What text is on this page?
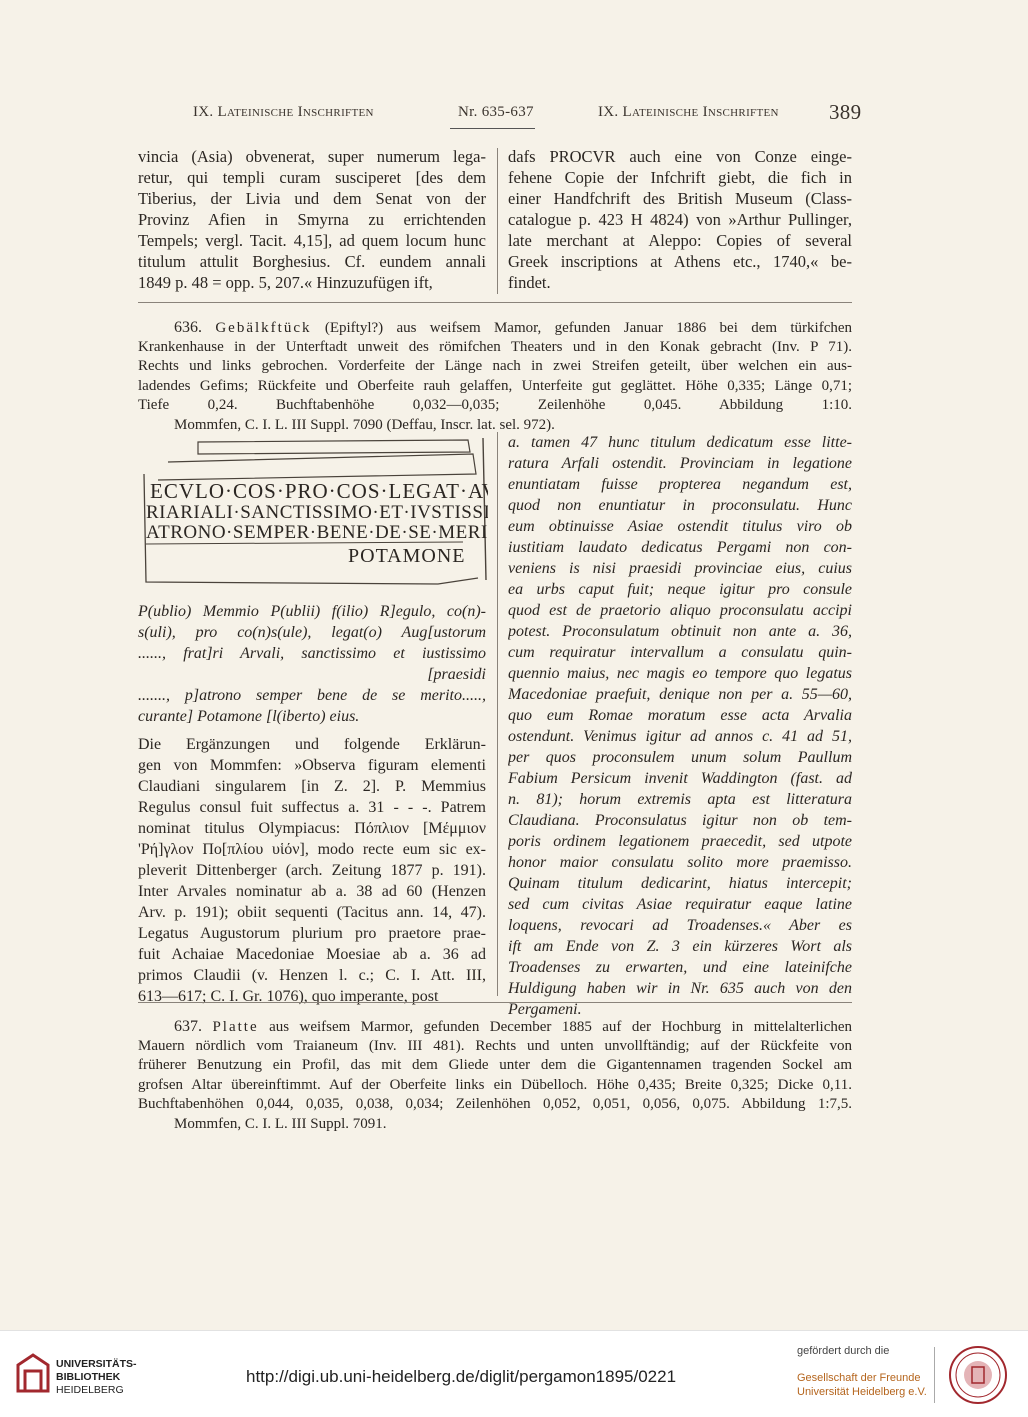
IX. Lateinische Inschriften	Nr. 635-637	IX. Lateinische Inschriften 389
vincia (Asia) obvenerat, super numerum lega-
retur, qui templi curam susciperet [des dem
Tiberius, der Livia und dem Senat von der
Provinz Afien in Smyrna zu errichtenden
Tempels; vergl. Tacit. 4,15], ad quem locum hunc
titulum attulit Borghesius. Cf. eundem annali
1849 p. 48 = opp. 5, 207.« Hinzuzufügen ift,
dafs PROCVR auch eine von Conze einge-
fehene Copie der Infchrift giebt, die fich in
einer Handfchrift des British Museum (Class-
catalogue p. 423 H 4824) von »Arthur Pullinger,
late merchant at Aleppo: Copies of several
Greek inscriptions at Athens etc., 1740,« be-
findet.
636. Gebälkftück (Epiftyl?) aus weifsem Mamor, gefunden Januar 1886 bei dem türkifchen
Krankenhause in der Unterftadt unweit des römifchen Theaters und in den Konak gebracht (Inv. P 71).
Rechts und links gebrochen. Vorderfeite der Länge nach in zwei Streifen geteilt, über welchen ein aus-
ladendes Gefims; Rückfeite und Oberfeite rauh gelaffen, Unterfeite gut geglättet. Höhe 0,335; Länge 0,71;
Tiefe 0,24. Buchftabenhöhe 0,032—0,035; Zeilenhöhe 0,045. Abbildung 1:10.
Mommfen, C. I. L. III Suppl. 7090 (Deffau, Inscr. lat. sel. 972).
ECVLO·COS·PRO·COS·LEGAT·AVG
RIARIALI·SANCTISSIMO·ET·IVSTISSIMO
ATRONO·SEMPER·BENE·DE·SE·MERITO
POTAMONE
P(ublio) Memmio P(ublii) f(ilio) R]egulo, co(n)-
s(uli), pro co(n)s(ule), legat(o) Aug[ustorum
......, frat]ri Arvali, sanctissimo et iustissimo
[praesidi
......., p]atrono semper bene de se merito.....,
curante] Potamone [l(iberto) eius.
Die Ergänzungen und folgende Erklärun-
gen von Mommfen: »Observa figuram elementi
Claudiani singularem [in Z. 2]. P. Memmius
Regulus consul fuit suffectus a. 31 - - -. Patrem
nominat titulus Olympiacus: Πόπλιον [Μέμμιον
'Ρή]γλον Πο[πλίου υἱόν], modo recte eum sic ex-
pleverit Dittenberger (arch. Zeitung 1877 p. 191).
Inter Arvales nominatur ab a. 38 ad 60 (Henzen
Arv. p. 191); obiit sequenti (Tacitus ann. 14, 47).
Legatus Augustorum plurium pro praetore prae-
fuit Achaiae Macedoniae Moesiae ab a. 36 ad
primos Claudii (v. Henzen l. c.; C. I. Att. III,
613—617; C. I. Gr. 1076), quo imperante, post
a. tamen 47 hunc titulum dedicatum esse litte-
ratura Arfali ostendit. Provinciam in legatione
enuntiatam fuisse propterea negandum est,
quod non enuntiatur in proconsulatu. Hunc
eum obtinuisse Asiae ostendit titulus viro ob
iustitiam laudato dedicatus Pergami non con-
veniens is nisi praesidi provinciae eius, cuius
ea urbs caput fuit; neque igitur pro consule
quod est de praetorio aliquo proconsulatu accipi
potest. Proconsulatum obtinuit non ante a. 36,
cum requiratur intervallum a consulatu quin-
quennio maius, nec magis eo tempore quo legatus
Macedoniae praefuit, denique non per a. 55—60,
quo eum Romae moratum esse acta Arvalia
ostendunt. Venimus igitur ad annos c. 41 ad 51,
per quos proconsulem unum solum Paullum
Fabium Persicum invenit Waddington (fast. ad
n. 81); horum extremis apta est litteratura
Claudiana. Proconsulatus igitur non ob tem-
poris ordinem legationem praecedit, sed utpote
honor maior consulatu solito more praemisso.
Quinam titulum dedicarint, hiatus intercepit;
sed cum civitas Asiae requiratur eaque latine
loquens, revocari ad Troadenses.« Aber es
ift am Ende von Z. 3 ein kürzeres Wort als
Troadenses zu erwarten, und eine lateinifche
Huldigung haben wir in Nr. 635 auch von den
Pergameni.
637. Platte aus weifsem Marmor, gefunden December 1885 auf der Hochburg in mittelalterlichen
Mauern nördlich vom Traianeum (Inv. III 481). Rechts und unten unvollftändig; auf der Rückfeite von
früherer Benutzung ein Profil, das mit dem Gliede unter dem die Gigantennamen tragenden Sockel am
grofsen Altar übereinftimmt. Auf der Oberfeite links ein Dübelloch. Höhe 0,435; Breite 0,325; Dicke 0,11.
Buchftabenhöhen 0,044, 0,035, 0,038, 0,034; Zeilenhöhen 0,052, 0,051, 0,056, 0,075. Abbildung 1:7,5.
Mommfen, C. I. L. III Suppl. 7091.
UNIVERSITÄTS-
BIBLIOTHEK
HEIDELBERG
http://digi.ub.uni-heidelberg.de/diglit/pergamon1895/0221
gefördert durch die
Gesellschaft der Freunde
Universität Heidelberg e.V.
